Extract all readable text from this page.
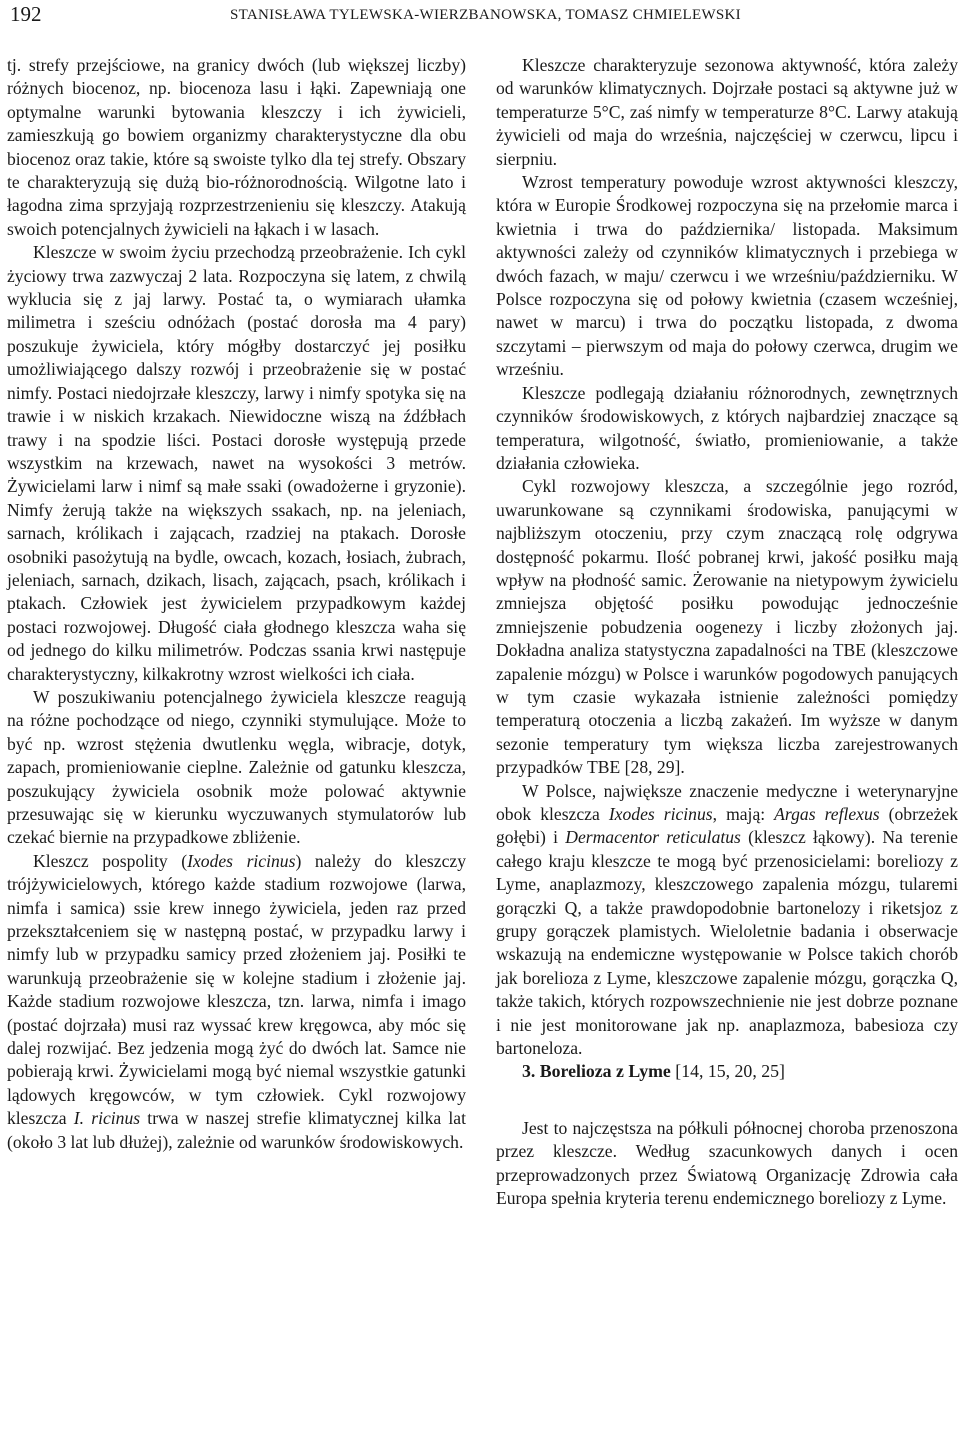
192	STANISŁAWA TYLEWSKA-WIERZBANOWSKA, TOMASZ CHMIELEWSKI

tj. strefy przejściowe, na granicy dwóch (lub większej liczby) różnych biocenoz, np. biocenoza lasu i łąki. Zapewniają one optymalne warunki bytowania kleszczy i ich żywicieli, zamieszkują go bowiem organizmy charakterystyczne dla obu biocenoz oraz takie, które są swoiste tylko dla tej strefy. Obszary te charakteryzują się dużą bio-różnorodnością. Wilgotne lato i łagodna zima sprzyjają rozprzestrzenieniu się kleszczy. Atakują swoich potencjalnych żywicieli na łąkach i w lasach.

Kleszcze w swoim życiu przechodzą przeobrażenie. Ich cykl życiowy trwa zazwyczaj 2 lata. Rozpoczyna się latem, z chwilą wyklucia się z jaj larwy. Postać ta, o wymiarach ułamka milimetra i sześciu odnóżach (postać dorosła ma 4 pary) poszukuje żywiciela, który mógłby dostarczyć jej posiłku umożliwiającego dalszy rozwój i przeobrażenie się w postać nimfy. Postaci niedojrzałe kleszczy, larwy i nimfy spotyka się na trawie i w niskich krzakach. Niewidoczne wiszą na źdźbłach trawy i na spodzie liści. Postaci dorosłe występują przede wszystkim na krzewach, nawet na wysokości 3 metrów. Żywicielami larw i nimf są małe ssaki (owadożerne i gryzonie). Nimfy żerują także na większych ssakach, np. na jeleniach, sarnach, królikach i zającach, rzadziej na ptakach. Dorosłe osobniki pasożytują na bydle, owcach, kozach, łosiach, żubrach, jeleniach, sarnach, dzikach, lisach, zającach, psach, królikach i ptakach. Człowiek jest żywicielem przypadkowym każdej postaci rozwojowej. Długość ciała głodnego kleszcza waha się od jednego do kilku milimetrów. Podczas ssania krwi następuje charakterystyczny, kilkakrotny wzrost wielkości ich ciała.

W poszukiwaniu potencjalnego żywiciela kleszcze reagują na różne pochodzące od niego, czynniki stymulujące. Może to być np. wzrost stężenia dwutlenku węgla, wibracje, dotyk, zapach, promieniowanie cieplne. Zależnie od gatunku kleszcza, poszukujący żywiciela osobnik może polować aktywnie przesuwając się w kierunku wyczuwanych stymulatorów lub czekać biernie na przypadkowe zbliżenie.

Kleszcz pospolity (Ixodes ricinus) należy do kleszczy trójżywicielowych, którego każde stadium rozwojowe (larwa, nimfa i samica) ssie krew innego żywiciela, jeden raz przed przekształceniem się w następną postać, w przypadku larwy i nimfy lub w przypadku samicy przed złożeniem jaj. Posiłki te warunkują przeobrażenie się w kolejne stadium i złożenie jaj. Każde stadium rozwojowe kleszcza, tzn. larwa, nimfa i imago (postać dojrzała) musi raz wyssać krew kręgowca, aby móc się dalej rozwijać. Bez jedzenia mogą żyć do dwóch lat. Samce nie pobierają krwi. Żywicielami mogą być niemal wszystkie gatunki lądowych kręgowców, w tym człowiek. Cykl rozwojowy kleszcza I. ricinus trwa w naszej strefie klimatycznej kilka lat (około 3 lat lub dłużej), zależnie od warunków środowiskowych.

Kleszcze charakteryzuje sezonowa aktywność, która zależy od warunków klimatycznych. Dojrzałe postaci są aktywne już w temperaturze 5°C, zaś nimfy w temperaturze 8°C. Larwy atakują żywicieli od maja do września, najczęściej w czerwcu, lipcu i sierpniu.

Wzrost temperatury powoduje wzrost aktywności kleszczy, która w Europie Środkowej rozpoczyna się na przełomie marca i kwietnia i trwa do października/ listopada. Maksimum aktywności zależy od czynników klimatycznych i przebiega w dwóch fazach, w maju/ czerwcu i we wrześniu/październiku. W Polsce rozpoczyna się od połowy kwietnia (czasem wcześniej, nawet w marcu) i trwa do początku listopada, z dwoma szczytami – pierwszym od maja do połowy czerwca, drugim we wrześniu.

Kleszcze podlegają działaniu różnorodnych, zewnętrznych czynników środowiskowych, z których najbardziej znaczące są temperatura, wilgotność, światło, promieniowanie, a także działania człowieka.

Cykl rozwojowy kleszcza, a szczególnie jego rozród, uwarunkowane są czynnikami środowiska, panującymi w najbliższym otoczeniu, przy czym znaczącą rolę odgrywa dostępność pokarmu. Ilość pobranej krwi, jakość posiłku mają wpływ na płodność samic. Żerowanie na nietypowym żywicielu zmniejsza objętość posiłku powodując jednocześnie zmniejszenie pobudzenia oogenezy i liczby złożonych jaj. Dokładna analiza statystyczna zapadalności na TBE (kleszczowe zapalenie mózgu) w Polsce i warunków pogodowych panujących w tym czasie wykazała istnienie zależności pomiędzy temperaturą otoczenia a liczbą zakażeń. Im wyższe w danym sezonie temperatury tym większa liczba zarejestrowanych przypadków TBE [28, 29].

W Polsce, największe znaczenie medyczne i weterynaryjne obok kleszcza Ixodes ricinus, mają: Argas reflexus (obrzeżek gołębi) i Dermacentor reticulatus (kleszcz łąkowy). Na terenie całego kraju kleszcze te mogą być przenosicielami: boreliozy z Lyme, anaplazmozy, kleszczowego zapalenia mózgu, tularemi gorączki Q, a także prawdopodobnie bartonelozy i riketsjoz z grupy gorączek plamistych. Wieloletnie badania i obserwacje wskazują na endemiczne występowanie w Polsce takich chorób jak borelioza z Lyme, kleszczowe zapalenie mózgu, gorączka Q, także takich, których rozpowszechnienie nie jest dobrze poznane i nie jest monitorowane jak np. anaplazmoza, babesioza czy bartoneloza.

3. Borelioza z Lyme [14, 15, 20, 25]

Jest to najczęstsza na półkuli północnej choroba przenoszona przez kleszcze. Według szacunkowych danych i ocen przeprowadzonych przez Światową Organizację Zdrowia cała Europa spełnia kryteria terenu endemicznego boreliozy z Lyme.
